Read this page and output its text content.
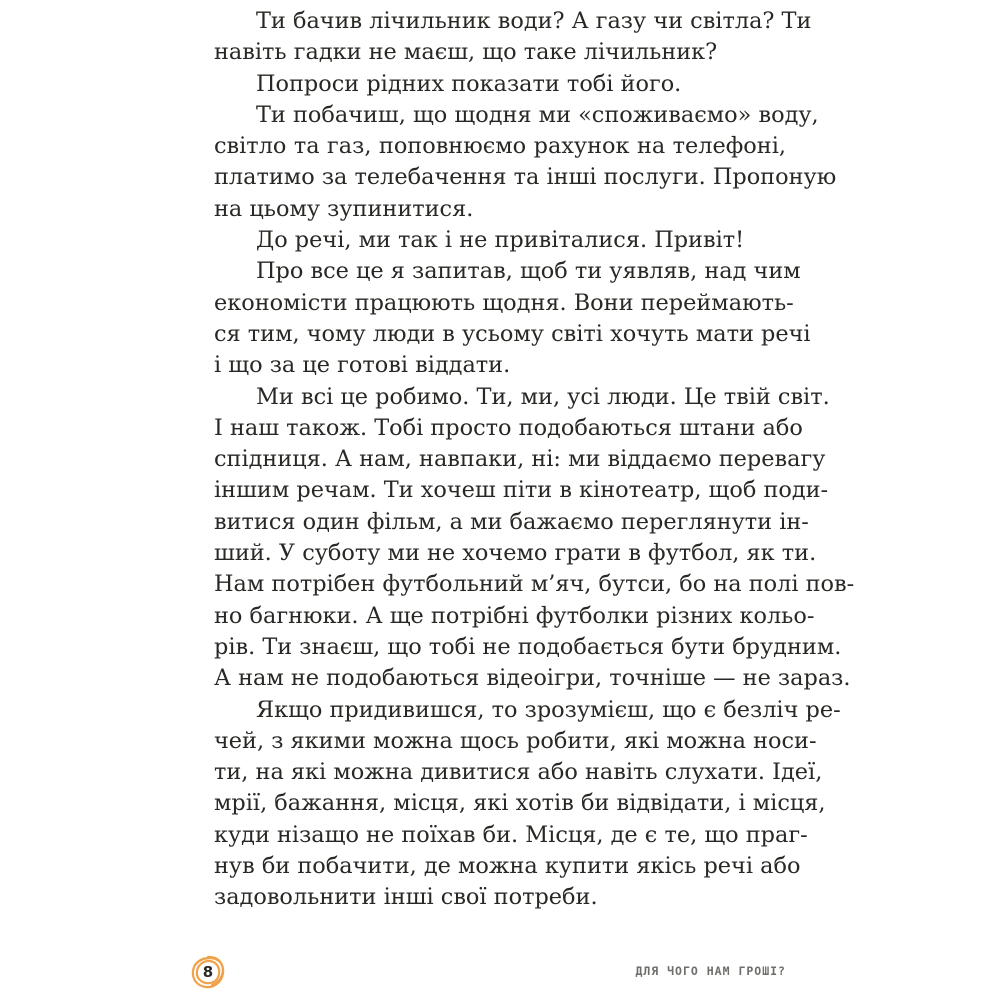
Ти бачив лічильник води? А газу чи світла? Ти
навіть гадки не маєш, що таке лічильник?

Попроси рідних показати тобі його.

Ти побачиш, що щодня ми «споживаємо» воду,
світло та газ, поповнюємо рахунок на телефоні,
платимо за телебачення та інші послуги. Пропоную
на цьому зупинитися.

До речі, ми так і не привіталися. Привіт!

Про все це я запитав, щоб ти уявляв, над чим
економісти працюють щодня. Вони переймають-
ся тим, чому люди в усьому світі хочуть мати речі
і що за це готові віддати.

Ми всі це робимо. Ти, ми, усі люди. Це твій світ.
І наш також. Тобі просто подобаються штани або
спідниця. А нам, навпаки, ні: ми віддаємо перевагу
іншим речам. Ти хочеш піти в кінотеатр, щоб поди-
витися один фільм, а ми бажаємо переглянути ін-
ший. У суботу ми не хочемо грати в футбол, як ти.
Нам потрібен футбольний м’яч, бутси, бо на полі пов-
но багнюки. А ще потрібні футболки різних кольо-
рів. Ти знаєш, що тобі не подобається бути брудним.
А нам не подобаються відеоігри, точніше — не зараз.

Якщо придивишся, то зрозумієш, що є безліч ре-
чей, з якими можна щось робити, які можна носи-
ти, на які можна дивитися або навіть слухати. Ідеї,
мрії, бажання, місця, які хотів би відвідати, і місця,
куди нізащо не поїхав би. Місця, де є те, що праг-
нув би побачити, де можна купити якісь речі або
задовольнити інші свої потреби.

8	ДЛЯ ЧОГО НАМ ГРОШІ?
